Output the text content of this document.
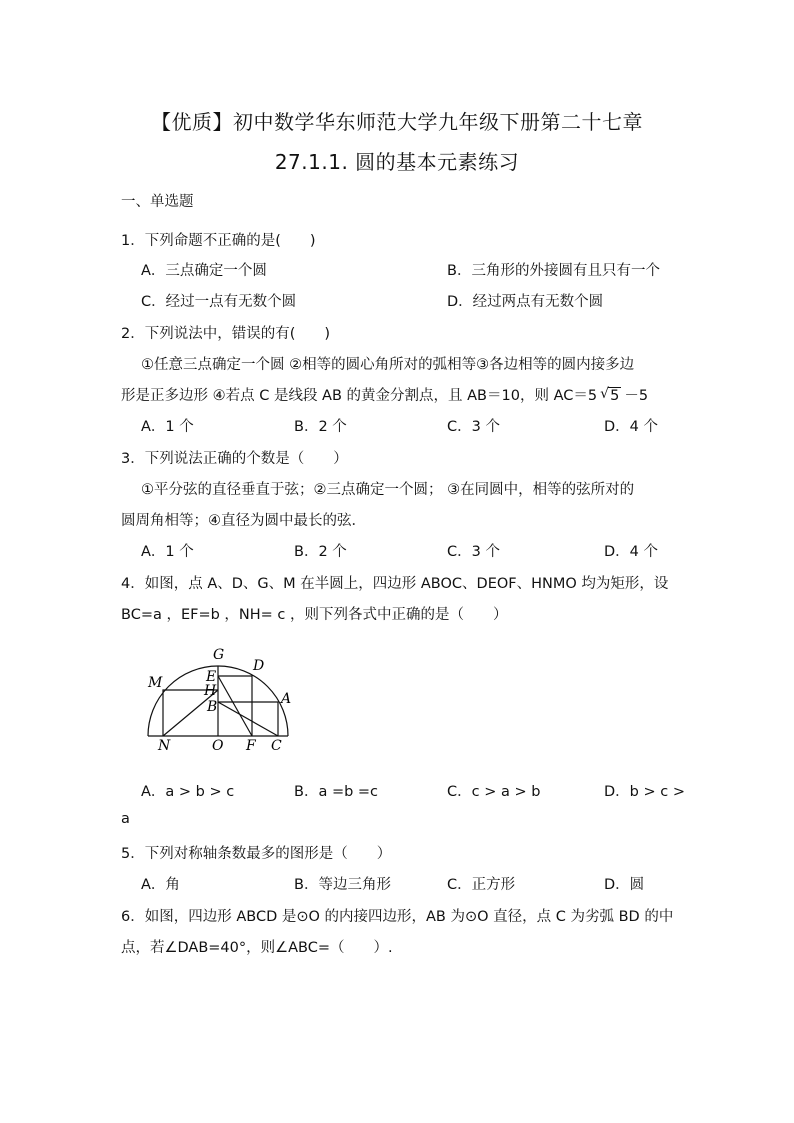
【优质】初中数学华东师范大学九年级下册第二十七章
27.1.1. 圆的基本元素练习
一、单选题
1．下列命题不正确的是(　　)
A．三点确定一个圆	B．三角形的外接圆有且只有一个
C．经过一点有无数个圆	D．经过两点有无数个圆
2．下列说法中，错误的有(　　)
①任意三点确定一个圆 ②相等的圆心角所对的弧相等③各边相等的圆内接多边
形是正多边形 ④若点 C 是线段 AB 的黄金分割点，且 AB＝10，则 AC＝5 √ 5 －5
A．1 个	B．2 个	C．3 个	D．4 个
3．下列说法正确的个数是（　　）
①平分弦的直径垂直于弦；②三点确定一个圆； ③在同圆中，相等的弦所对的
圆周角相等；④直径为圆中最长的弦．
A．1 个	B．2 个	C．3 个	D．4 个
4．如图，点 A、D、G、M 在半圆上，四边形 ABOC、DEOF、HNMO 均为矩形，设
BC=a ，EF=b ，NH= c ，则下列各式中正确的是（　　）
G
D
M	E
H	A
B
N	O F C
A．a > b > c	B．a =b =c	C．c > a > b	D．b > c >
a
5．下列对称轴条数最多的图形是（　　）
A．角	B．等边三角形	C．正方形	D．圆
6．如图，四边形 ABCD 是⊙O 的内接四边形，AB 为⊙O 直径，点 C 为劣弧 BD 的中
点，若∠DAB=40°，则∠ABC=（　　）.
